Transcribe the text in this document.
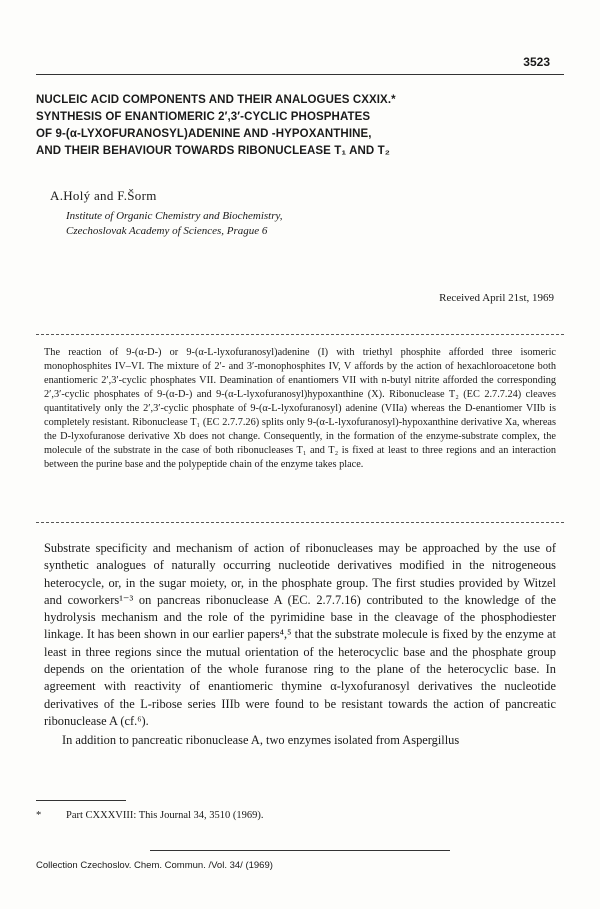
3523
NUCLEIC ACID COMPONENTS AND THEIR ANALOGUES CXXIX.*
SYNTHESIS OF ENANTIOMERIC 2′,3′-CYCLIC PHOSPHATES
OF 9-(α-LYXOFURANOSYL)ADENINE AND -HYPOXANTHINE,
AND THEIR BEHAVIOUR TOWARDS RIBONUCLEASE T₁ AND T₂
A.Holý and F.Šorm
Institute of Organic Chemistry and Biochemistry,
Czechoslovak Academy of Sciences, Prague 6
Received April 21st, 1969
The reaction of 9-(α-D-) or 9-(α-L-lyxofuranosyl)adenine (I) with triethyl phosphite afforded three isomeric monophosphites IV–VI. The mixture of 2′- and 3′-monophosphites IV, V affords by the action of hexachloroacetone both enantiomeric 2′,3′-cyclic phosphates VII. Deamination of enantiomers VII with n-butyl nitrite afforded the corresponding 2′,3′-cyclic phosphates of 9-(α-D-) and 9-(α-L-lyxofuranosyl)hypoxanthine (X). Ribonuclease T₂ (EC 2.7.7.24) cleaves quantitatively only the 2′,3′-cyclic phosphate of 9-(α-L-lyxofuranosyl) adenine (VIIa) whereas the D-enantiomer VIIb is completely resistant. Ribonuclease T₁ (EC 2.7.7.26) splits only 9-(α-L-lyxofuranosyl)-hypoxanthine derivative Xa, whereas the D-lyxofuranose derivative Xb does not change. Consequently, in the formation of the enzyme-substrate complex, the molecule of the substrate in the case of both ribonucleases T₁ and T₂ is fixed at least to three regions and an interaction between the purine base and the polypeptide chain of the enzyme takes place.

Substrate specificity and mechanism of action of ribonucleases may be approached by the use of synthetic analogues of naturally occurring nucleotide derivatives modified in the nitrogeneous heterocycle, or, in the sugar moiety, or, in the phosphate group. The first studies provided by Witzel and coworkers¹⁻³ on pancreas ribonuclease A (EC. 2.7.7.16) contributed to the knowledge of the hydrolysis mechanism and the role of the pyrimidine base in the cleavage of the phosphodiester linkage. It has been shown in our earlier papers⁴,⁵ that the substrate molecule is fixed by the enzyme at least in three regions since the mutual orientation of the heterocyclic base and the phosphate group depends on the orientation of the whole furanose ring to the plane of the heterocyclic base. In agreement with reactivity of enantiomeric thymine α-lyxofuranosyl derivatives the nucleotide derivatives of the L-ribose series IIIb were found to be resistant towards the action of pancreatic ribonuclease A (cf.⁶).

In addition to pancreatic ribonuclease A, two enzymes isolated from Aspergillus

* Part CXXXVIII: This Journal 34, 3510 (1969).
Collection Czechoslov. Chem. Commun. /Vol. 34/ (1969)
